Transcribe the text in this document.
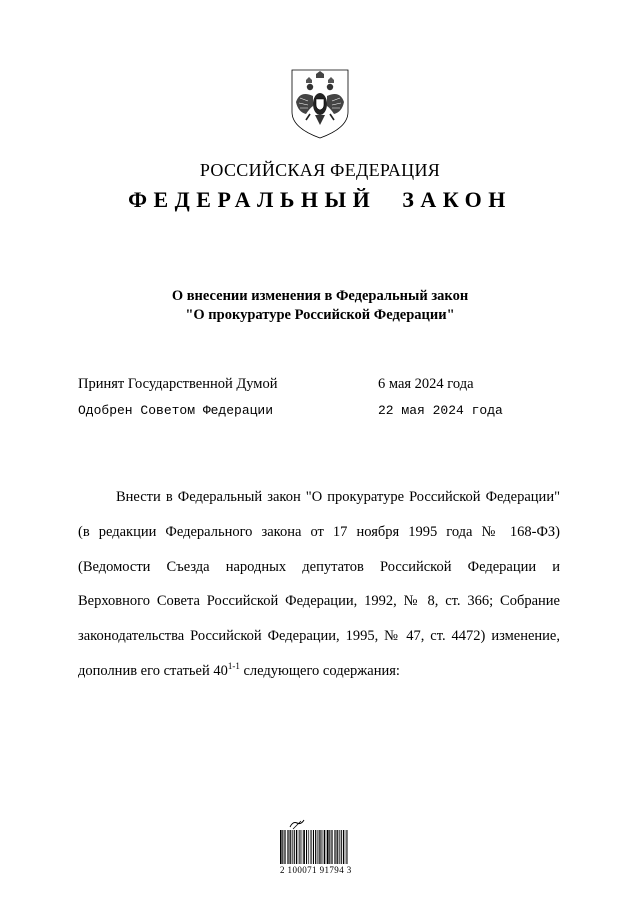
РОССИЙСКАЯ ФЕДЕРАЦИЯ
ФЕДЕРАЛЬНЫЙ ЗАКОН
О внесении изменения в Федеральный закон
"О прокуратуре Российской Федерации"
Принят Государственной Думой	6 мая 2024 года
Одобрен Советом Федерации	22 мая 2024 года
Внести в Федеральный закон "О прокуратуре Российской Федерации" (в редакции Федерального закона от 17 ноября 1995 года № 168-ФЗ) (Ведомости Съезда народных депутатов Российской Федерации и Верховного Совета Российской Федерации, 1992, № 8, ст. 366; Собрание законодательства Российской Федерации, 1995, № 47, ст. 4472) изменение, дополнив его статьей 40$^{1-1}$ следующего содержания:
2 100071 91794 3
